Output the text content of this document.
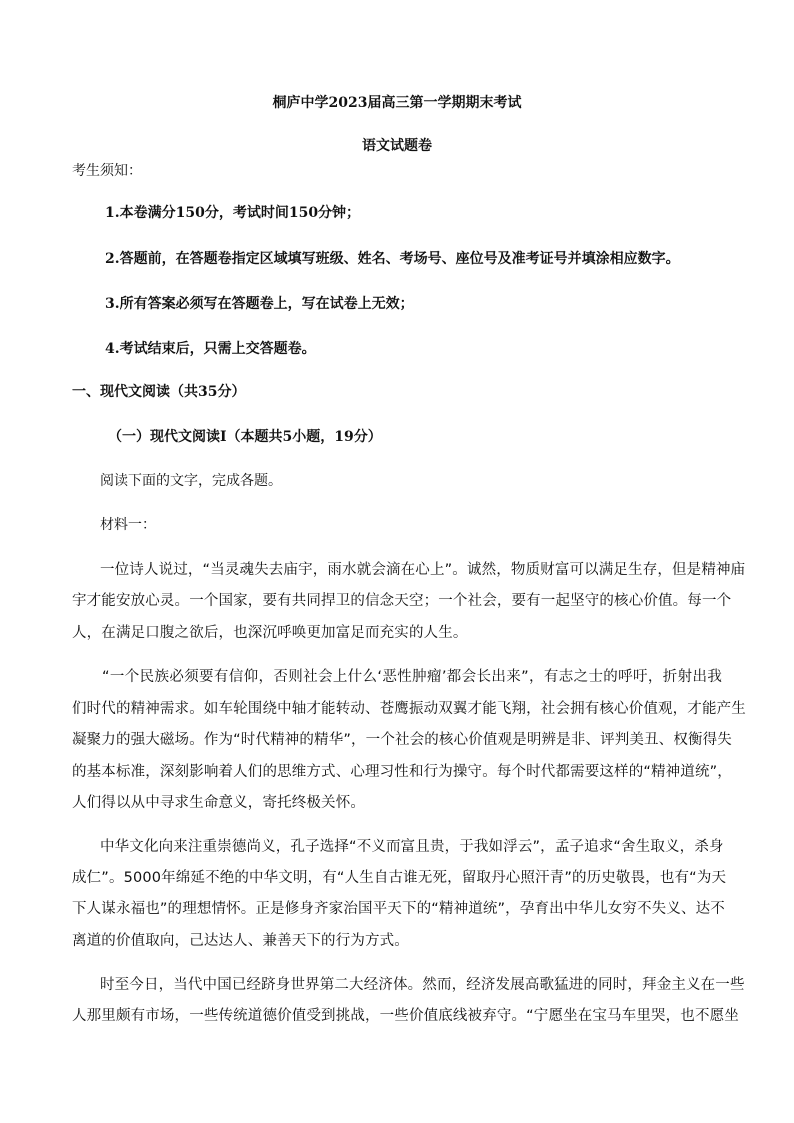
桐庐中学2023届高三第一学期期末考试
语文试题卷
考生须知：
1.本卷满分150分，考试时间150分钟；
2.答题前，在答题卷指定区域填写班级、姓名、考场号、座位号及准考证号并填涂相应数字。
3.所有答案必须写在答题卷上，写在试卷上无效；
4.考试结束后，只需上交答题卷。
一、现代文阅读（共35分）
（一）现代文阅读I（本题共5小题，19分）
阅读下面的文字，完成各题。
材料一：
一位诗人说过，“当灵魂失去庙宇，雨水就会滴在心上”。诚然，物质财富可以满足生存，但是精神庙
宇才能安放心灵。一个国家，要有共同捍卫的信念天空；一个社会，要有一起坚守的核心价值。每一个
人，在满足口腹之欲后，也深沉呼唤更加富足而充实的人生。
“一个民族必须要有信仰，否则社会上什么‘恶性肿瘤’都会长出来”，有志之士的呼吁，折射出我
们时代的精神需求。如车轮围绕中轴才能转动、苍鹰振动双翼才能飞翔，社会拥有核心价值观，才能产生
凝聚力的强大磁场。作为“时代精神的精华”，一个社会的核心价值观是明辨是非、评判美丑、权衡得失
的基本标准，深刻影响着人们的思维方式、心理习性和行为操守。每个时代都需要这样的“精神道统”，
人们得以从中寻求生命意义，寄托终极关怀。
中华文化向来注重崇德尚义，孔子选择“不义而富且贵，于我如浮云”，孟子追求“舍生取义，杀身
成仁”。5000年绵延不绝的中华文明，有“人生自古谁无死，留取丹心照汗青”的历史敬畏，也有“为天
下人谋永福也”的理想情怀。正是修身齐家治国平天下的“精神道统”，孕育出中华儿女穷不失义、达不
离道的价值取向，己达达人、兼善天下的行为方式。
时至今日，当代中国已经跻身世界第二大经济体。然而，经济发展高歌猛进的同时，拜金主义在一些
人那里颇有市场，一些传统道德价值受到挑战，一些价值底线被弃守。“宁愿坐在宝马车里哭，也不愿坐
